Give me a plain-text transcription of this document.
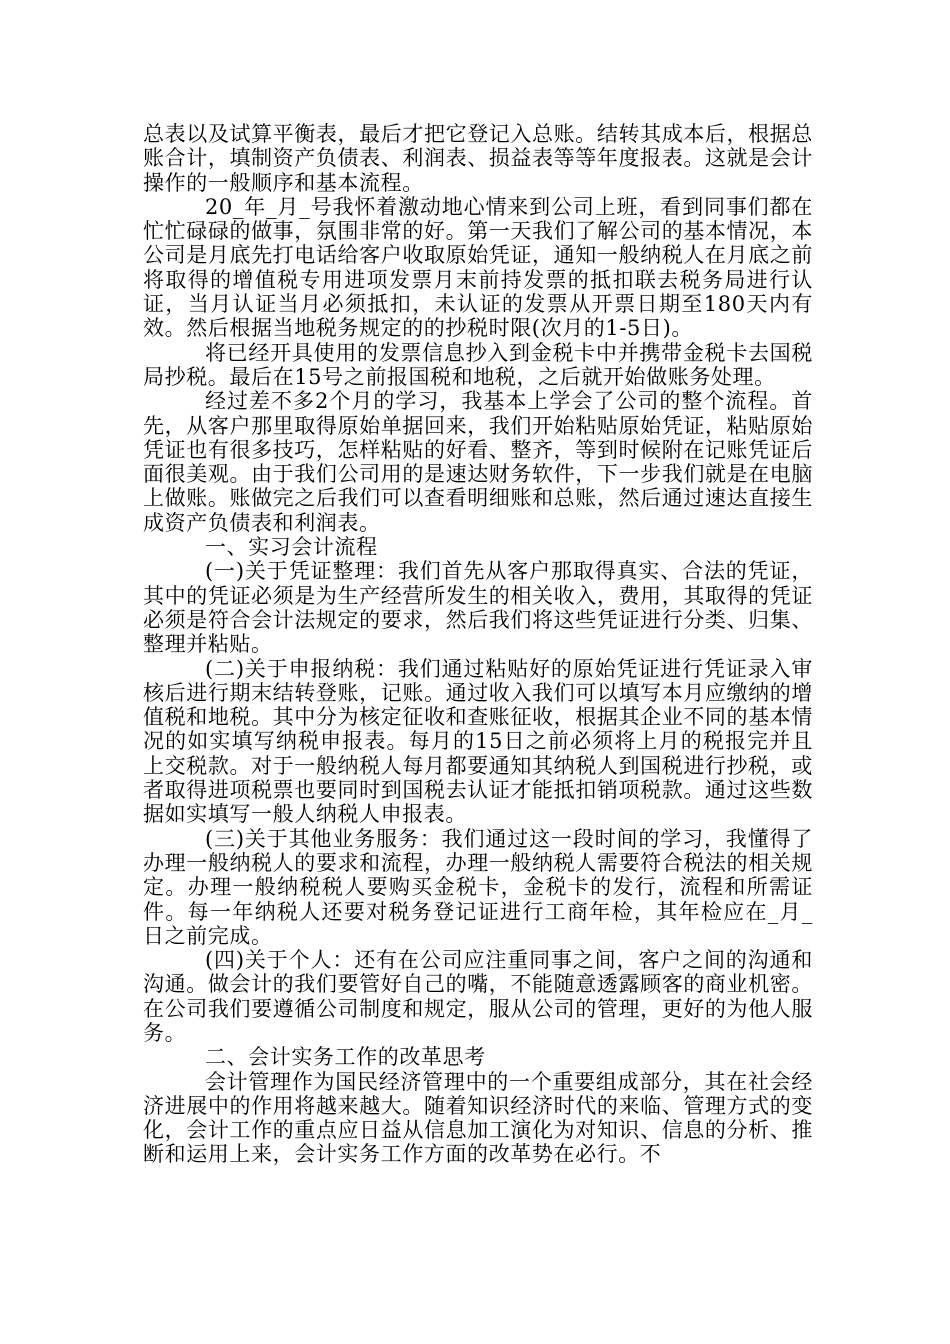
总表以及试算平衡表，最后才把它登记入总账。结转其成本后，根据总账合计，填制资产负债表、利润表、损益表等等年度报表。这就是会计操作的一般顺序和基本流程。

20_年_月_号我怀着激动地心情来到公司上班，看到同事们都在忙忙碌碌的做事，氛围非常的好。第一天我们了解公司的基本情况，本公司是月底先打电话给客户收取原始凭证，通知一般纳税人在月底之前将取得的增值税专用进项发票月末前持发票的抵扣联去税务局进行认证，当月认证当月必须抵扣，未认证的发票从开票日期至180天内有效。然后根据当地税务规定的的抄税时限(次月的1-5日)。

将已经开具使用的发票信息抄入到金税卡中并携带金税卡去国税局抄税。最后在15号之前报国税和地税，之后就开始做账务处理。

经过差不多2个月的学习，我基本上学会了公司的整个流程。首先，从客户那里取得原始单据回来，我们开始粘贴原始凭证，粘贴原始凭证也有很多技巧，怎样粘贴的好看、整齐，等到时候附在记账凭证后面很美观。由于我们公司用的是速达财务软件，下一步我们就是在电脑上做账。账做完之后我们可以查看明细账和总账，然后通过速达直接生成资产负债表和利润表。

一、实习会计流程

(一)关于凭证整理：我们首先从客户那取得真实、合法的凭证，其中的凭证必须是为生产经营所发生的相关收入，费用，其取得的凭证必须是符合会计法规定的要求，然后我们将这些凭证进行分类、归集、整理并粘贴。

(二)关于申报纳税：我们通过粘贴好的原始凭证进行凭证录入审核后进行期末结转登账，记账。通过收入我们可以填写本月应缴纳的增值税和地税。其中分为核定征收和查账征收，根据其企业不同的基本情况的如实填写纳税申报表。每月的15日之前必须将上月的税报完并且上交税款。对于一般纳税人每月都要通知其纳税人到国税进行抄税，或者取得进项税票也要同时到国税去认证才能抵扣销项税款。通过这些数据如实填写一般人纳税人申报表。

(三)关于其他业务服务：我们通过这一段时间的学习，我懂得了办理一般纳税人的要求和流程，办理一般纳税人需要符合税法的相关规定。办理一般纳税税人要购买金税卡，金税卡的发行，流程和所需证件。每一年纳税人还要对税务登记证进行工商年检，其年检应在_月_日之前完成。

(四)关于个人：还有在公司应注重同事之间，客户之间的沟通和沟通。做会计的我们要管好自己的嘴，不能随意透露顾客的商业机密。在公司我们要遵循公司制度和规定，服从公司的管理，更好的为他人服务。

二、会计实务工作的改革思考

会计管理作为国民经济管理中的一个重要组成部分，其在社会经济进展中的作用将越来越大。随着知识经济时代的来临、管理方式的变化，会计工作的重点应日益从信息加工演化为对知识、信息的分析、推断和运用上来，会计实务工作方面的改革势在必行。不
